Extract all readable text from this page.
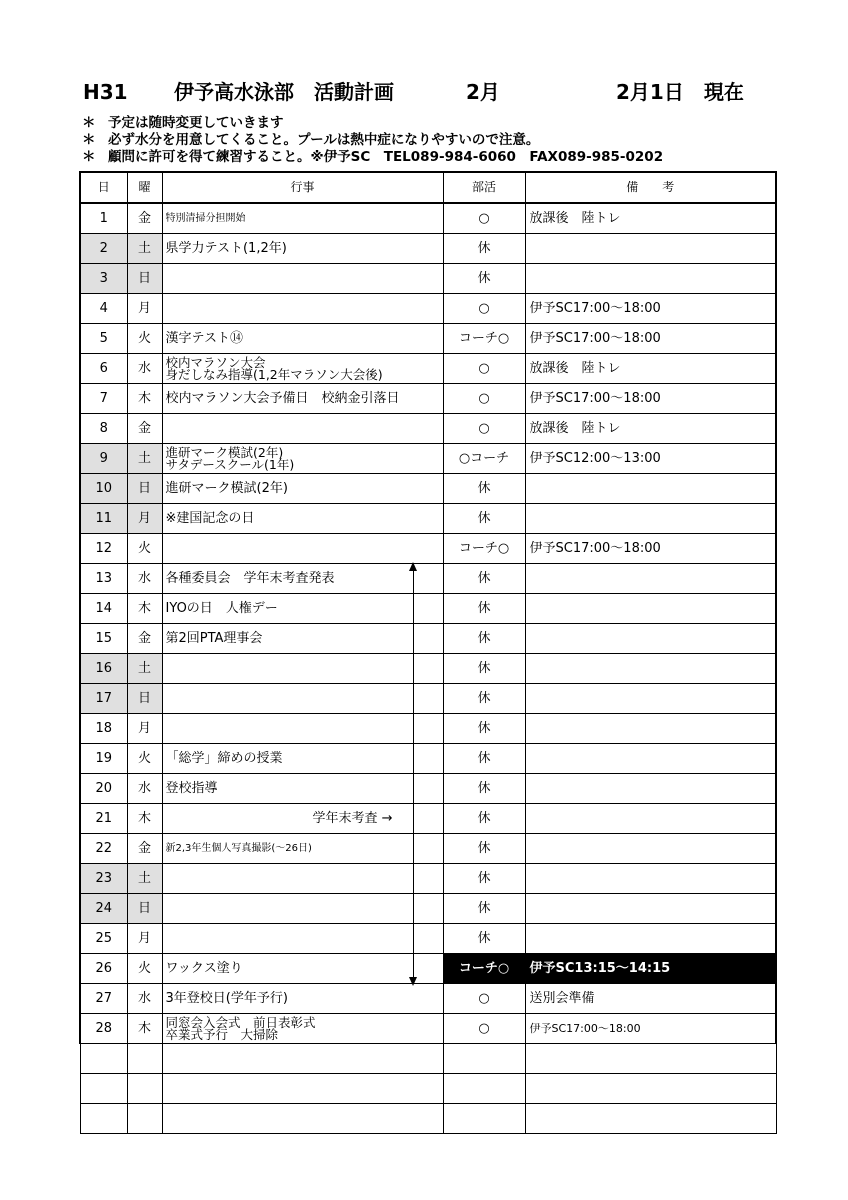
H31 伊予高水泳部　活動計画	2月	2月1日　現在
＊ 予定は随時変更していきます
＊ 必ず水分を用意してくること。プールは熱中症になりやすいので注意。
＊ 顧問に許可を得て練習すること。※伊予SC　TEL089-984-6060　FAX089-985-0202
日	曜	行事	部活	備　　考
1	金	特別清掃分担開始	○	放課後　陸トレ
2	土	県学力テスト(1,2年)	休	
3	日		休	
4	月		○	伊予SC17:00～18:00
5	火	漢字テスト⑭	コーチ○	伊予SC17:00～18:00
6	水	校内マラソン大会
身だしなみ指導(1,2年マラソン大会後)	○	放課後　陸トレ
7	木	校内マラソン大会予備日　校納金引落日	○	伊予SC17:00～18:00
8	金		○	放課後　陸トレ
9	土	進研マーク模試(2年)
サタデースクール(1年)	○コーチ	伊予SC12:00～13:00
10	日	進研マーク模試(2年)	休	
11	月	※建国記念の日	休	
12	火		コーチ○	伊予SC17:00～18:00
13	水	各種委員会　学年末考査発表	休	
14	木	IYOの日　人権デー	休	
15	金	第2回PTA理事会	休	
16	土		休	
17	日		休	
18	月		休	
19	火	「総学」締めの授業	休	
20	水	登校指導	休	
21	木	学年末考査 →	休	
22	金	新2,3年生個人写真撮影(～26日)	休	
23	土		休	
24	日		休	
25	月		休	
26	火	ワックス塗り	コーチ○	伊予SC13:15～14:15
27	水	3年登校日(学年予行)	○	送別会準備
28	木	同窓会入会式　前日表彰式
卒業式予行　大掃除	○	伊予SC17:00～18:00
